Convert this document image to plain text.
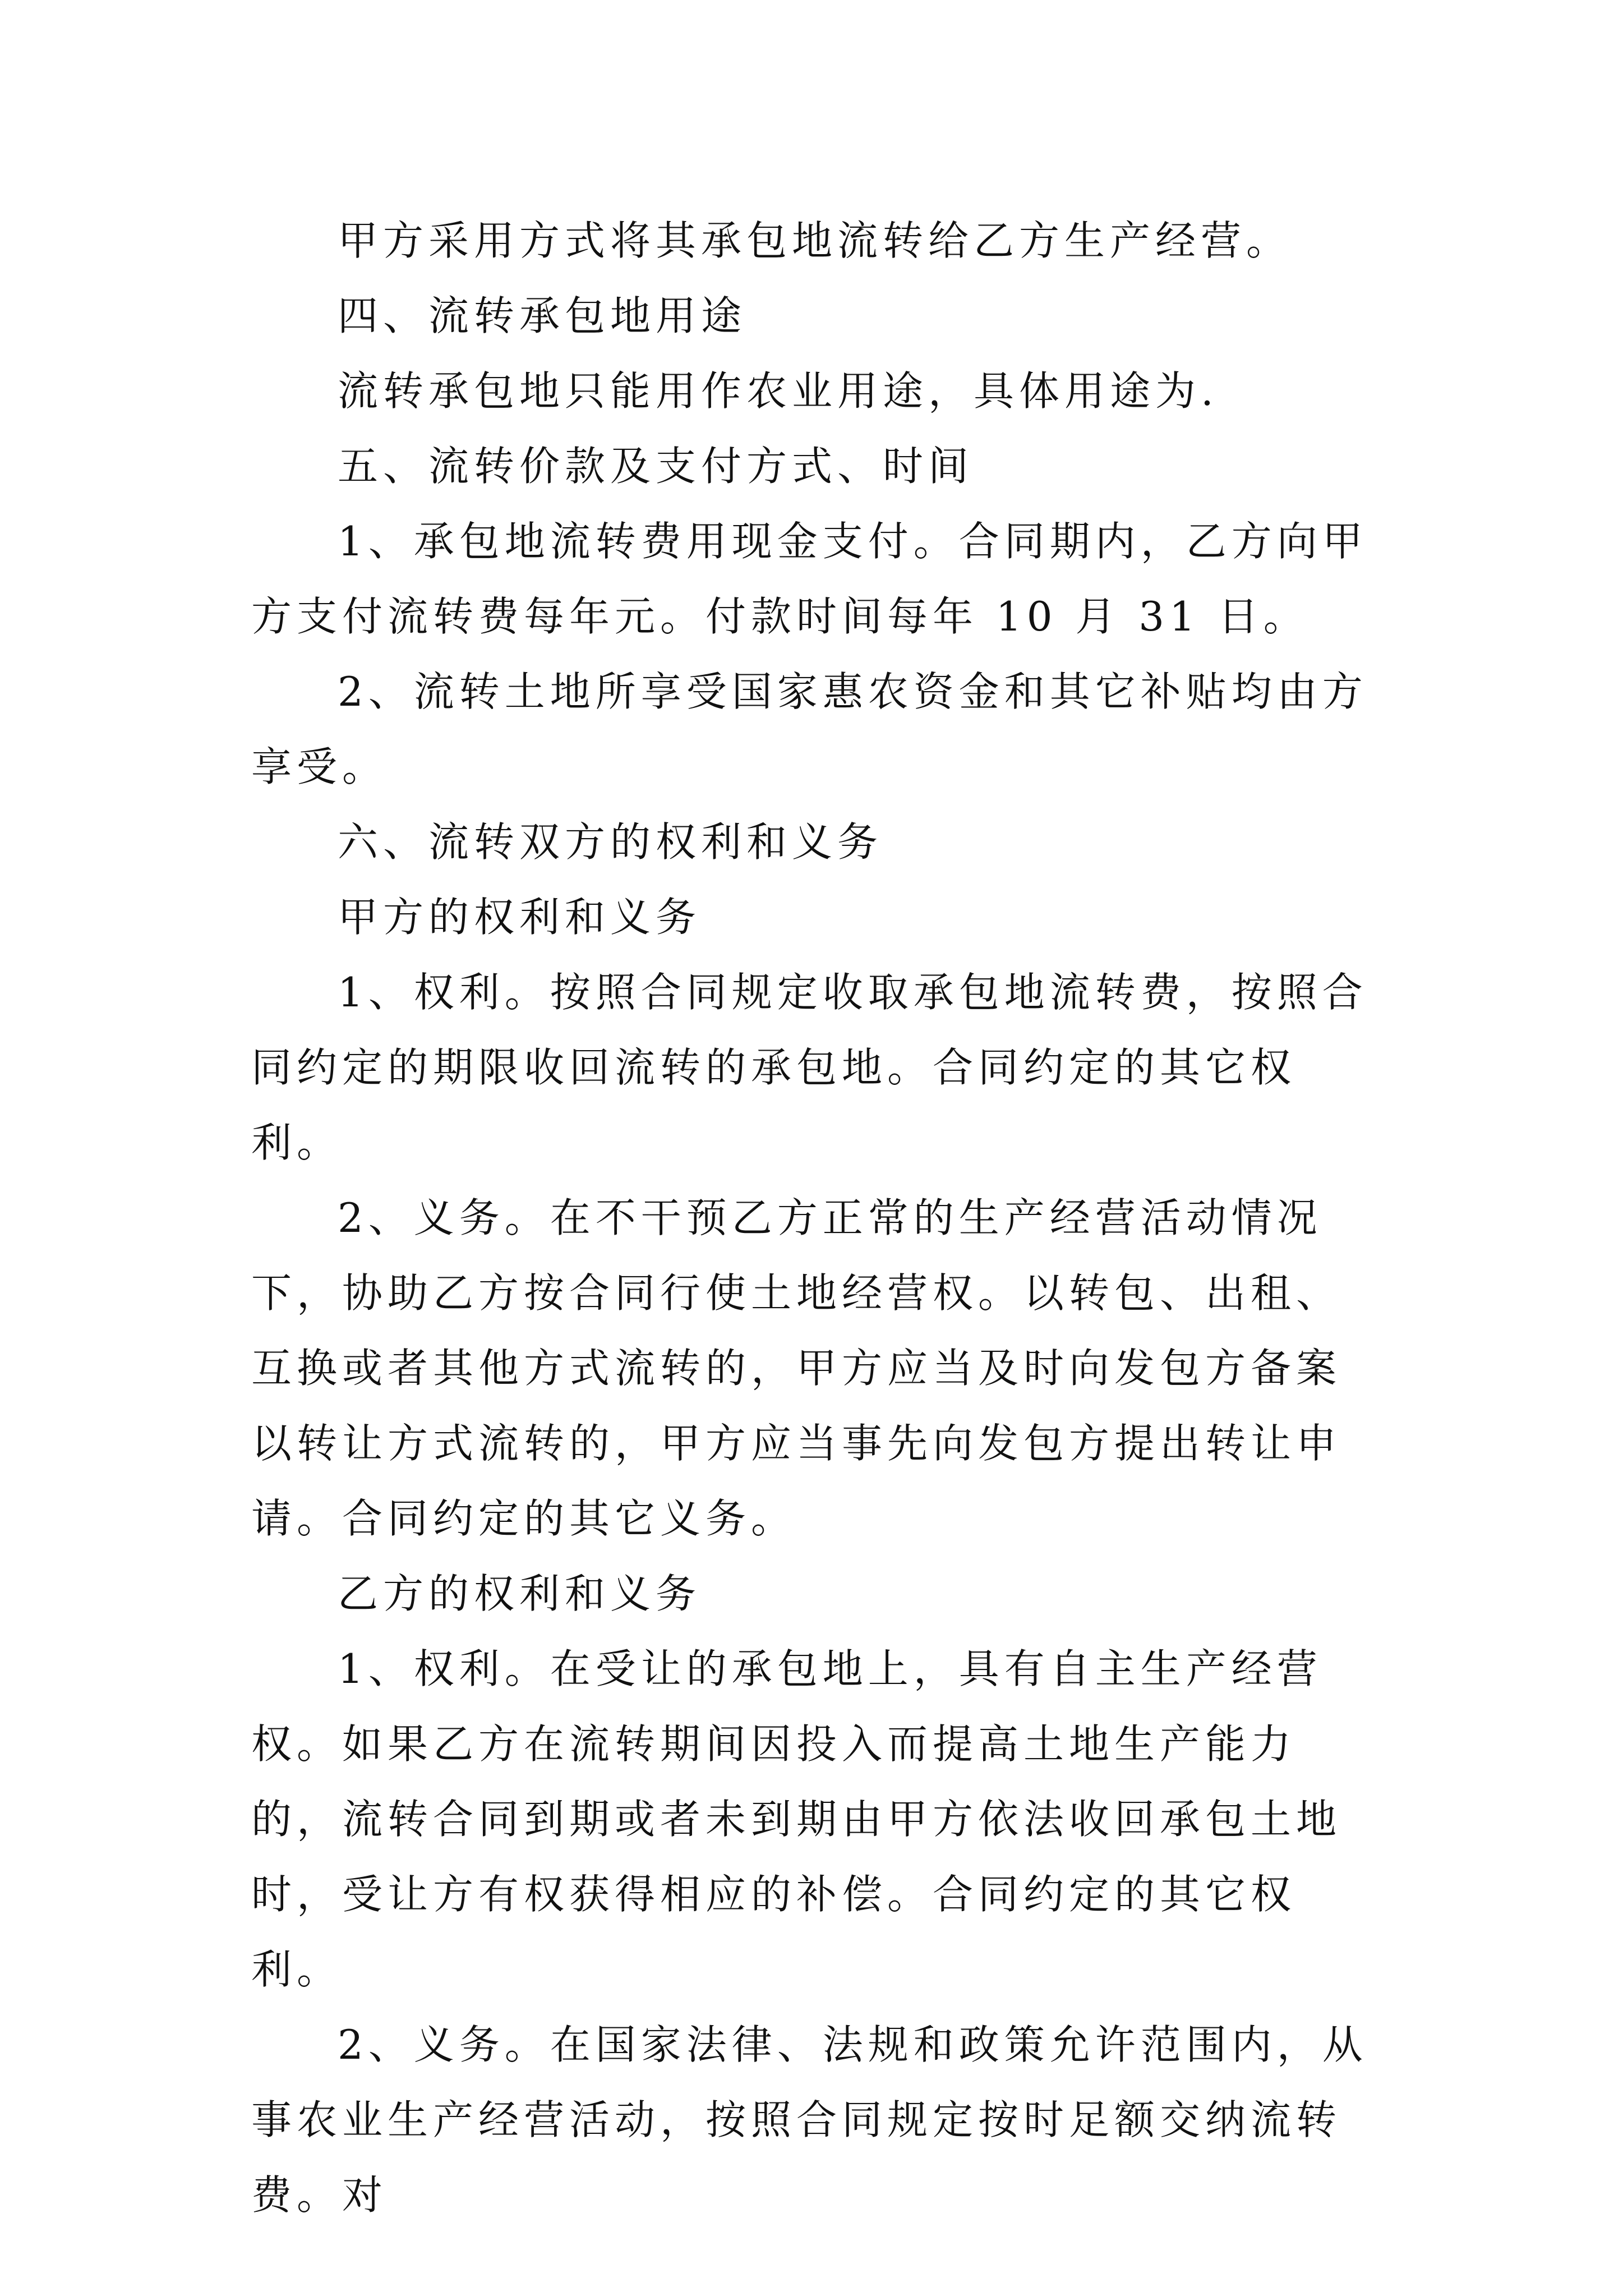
甲方采用方式将其承包地流转给乙方生产经营。

四、流转承包地用途

流转承包地只能用作农业用途，具体用途为.

五、流转价款及支付方式、时间

1、承包地流转费用现金支付。合同期内，乙方向甲方支付流转费每年元。付款时间每年 10 月 31 日。

2、流转土地所享受国家惠农资金和其它补贴均由方享受。

六、流转双方的权利和义务

甲方的权利和义务

1、权利。按照合同规定收取承包地流转费，按照合同约定的期限收回流转的承包地。合同约定的其它权利。

2、义务。在不干预乙方正常的生产经营活动情况下，协助乙方按合同行使土地经营权。以转包、出租、互换或者其他方式流转的，甲方应当及时向发包方备案以转让方式流转的，甲方应当事先向发包方提出转让申请。合同约定的其它义务。

乙方的权利和义务

1、权利。在受让的承包地上，具有自主生产经营权。如果乙方在流转期间因投入而提高土地生产能力的，流转合同到期或者未到期由甲方依法收回承包土地时，受让方有权获得相应的补偿。合同约定的其它权利。

2、义务。在国家法律、法规和政策允许范围内，从事农业生产经营活动，按照合同规定按时足额交纳流转费。对
